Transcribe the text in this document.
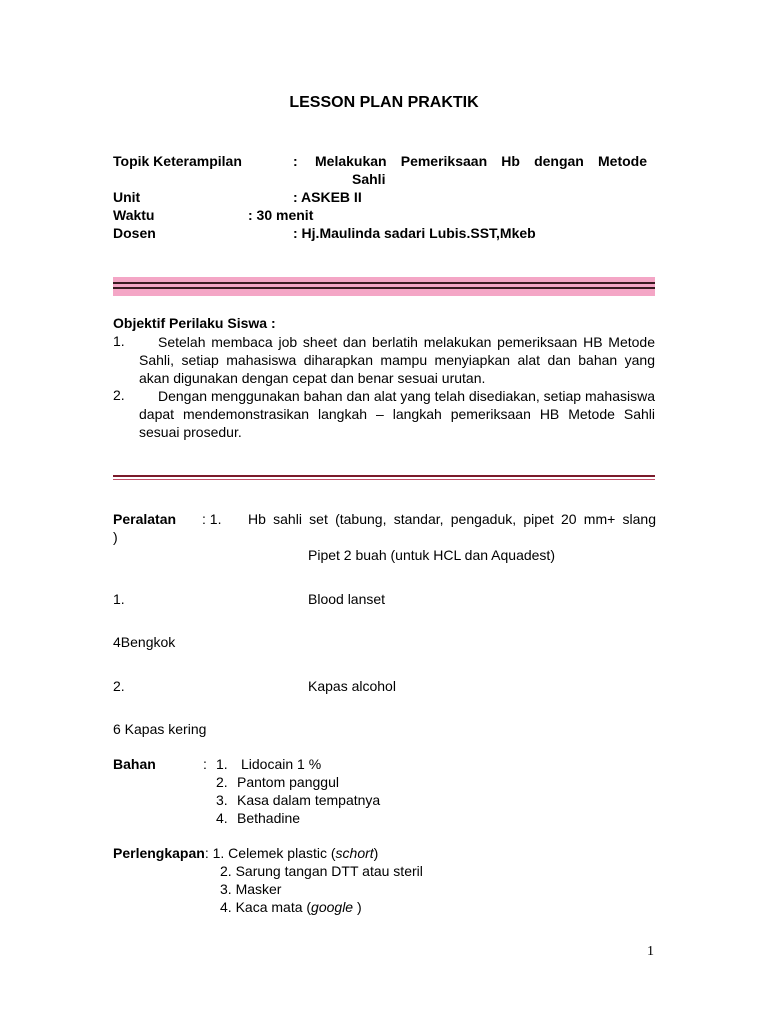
LESSON PLAN PRAKTIK
Topik Keterampilan	: Melakukan Pemeriksaan Hb dengan Metode
Sahli
Unit	: ASKEB II
Waktu	: 30 menit
Dosen	: Hj.Maulinda sadari Lubis.SST,Mkeb
Objektif Perilaku Siswa :
1.	Setelah membaca job sheet dan berlatih melakukan pemeriksaan HB Metode Sahli, setiap mahasiswa diharapkan mampu menyiapkan alat dan bahan yang akan digunakan dengan cepat dan benar sesuai urutan.
2.	Dengan menggunakan bahan dan alat yang telah disediakan, setiap mahasiswa dapat mendemonstrasikan langkah – langkah pemeriksaan HB Metode Sahli sesuai prosedur.
Peralatan : 1. Hb sahli set (tabung, standar, pengaduk, pipet 20 mm+ slang
)
Pipet 2 buah (untuk HCL dan Aquadest)
1.	Blood lanset
4Bengkok
2.	Kapas alcohol
6 Kapas kering
Bahan	: 1. Lidocain 1 %
2. Pantom panggul
3. Kasa dalam tempatnya
4. Bethadine
Perlengkapan: 1. Celemek plastic (schort)
2. Sarung tangan DTT atau steril
3. Masker
4. Kaca mata (google )
1
